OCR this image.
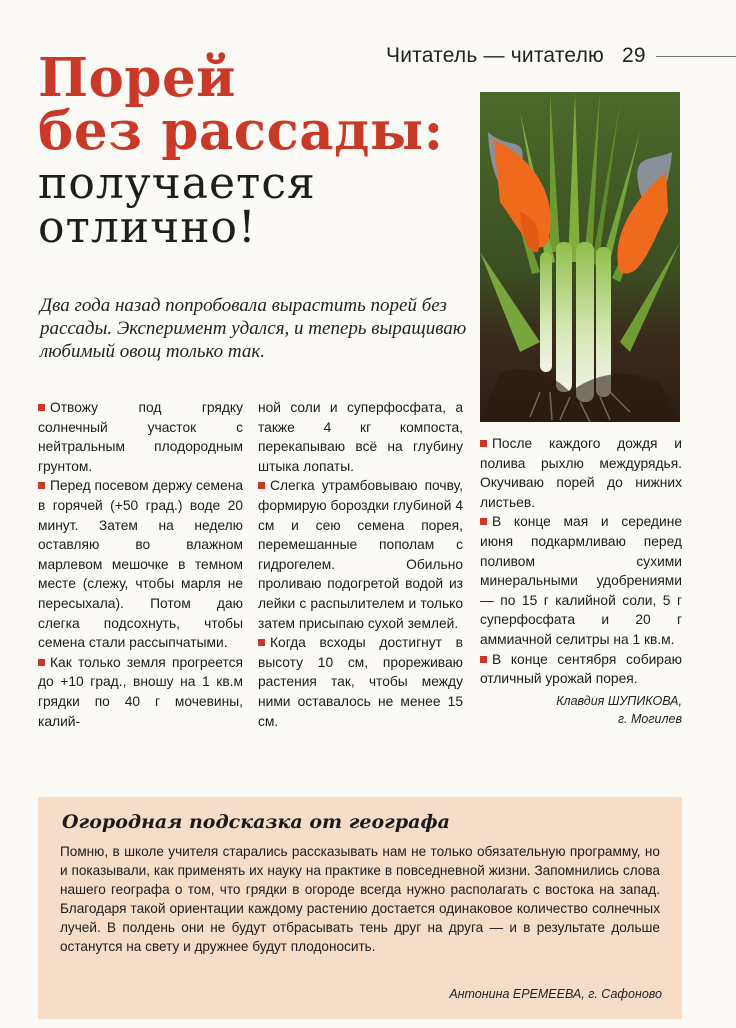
Читатель — читателю 29
Порей
без рассады:
получается
отлично!
Два года назад попробовала вырастить порей без рассады. Эксперимент удался, и теперь выращиваю любимый овощ только так.

Отвожу под грядку солнечный участок с нейтральным плодородным грунтом.

Перед посевом держу семена в горячей (+50 град.) воде 20 минут. Затем на неделю оставляю во влажном марлевом мешочке в темном месте (слежу, чтобы марля не пересыхала). Потом даю слегка подсохнуть, чтобы семена стали рассыпчатыми.

Как только земля прогреется до +10 град., вношу на 1 кв.м грядки по 40 г мочевины, калий-

ной соли и суперфосфата, а также 4 кг компоста, перекапываю всё на глубину штыка лопаты.

Слегка утрамбовываю почву, формирую бороздки глубиной 4 см и сею семена порея, перемешанные пополам с гидрогелем. Обильно проливаю подогретой водой из лейки с распылителем и только затем присыпаю сухой землей.

Когда всходы достигнут в высоту 10 см, прореживаю растения так, чтобы между ними оставалось не менее 15 см.

После каждого дождя и полива рыхлю междурядья. Окучиваю порей до нижних листьев.

В конце мая и середине июня подкармливаю перед поливом сухими минеральными удобрениями — по 15 г калийной соли, 5 г суперфосфата и 20 г аммиачной селитры на 1 кв.м.

В конце сентября собираю отличный урожай порея.

Клавдия ШУПИКОВА,
г. Могилев
Огородная подсказка от географа
Помню, в школе учителя старались рассказывать нам не только обязательную программу, но и показывали, как применять их науку на практике в повседневной жизни. Запомнились слова нашего географа о том, что грядки в огороде всегда нужно располагать с востока на запад. Благодаря такой ориентации каждому растению достается одинаковое количество солнечных лучей. В полдень они не будут отбрасывать тень друг на друга — и в результате дольше останутся на свету и дружнее будут плодоносить.
Антонина ЕРЕМЕЕВА, г. Сафоново
